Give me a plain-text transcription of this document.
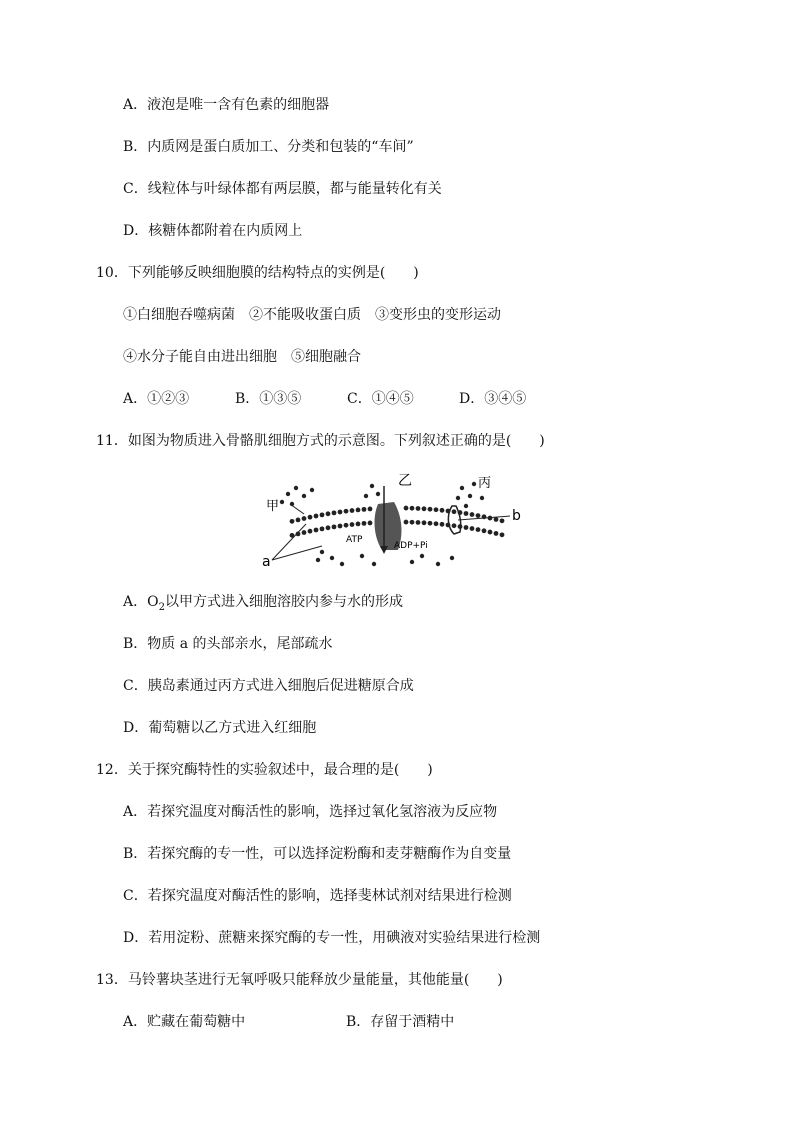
A．液泡是唯一含有色素的细胞器
B．内质网是蛋白质加工、分类和包装的“车间”
C．线粒体与叶绿体都有两层膜，都与能量转化有关
D．核糖体都附着在内质网上
10．下列能够反映细胞膜的结构特点的实例是(　　)
①白细胞吞噬病菌　②不能吸收蛋白质　③变形虫的变形运动
④水分子能自由进出细胞　⑤细胞融合
A．①②③	B．①③⑤	C．①④⑤	D．③④⑤
11．如图为物质进入骨骼肌细胞方式的示意图。下列叙述正确的是(　　)
甲
乙	丙
a
b
ATP
ADP+Pi
A．$O_2$以甲方式进入细胞溶胶内参与水的形成
B．物质 a 的头部亲水，尾部疏水
C．胰岛素通过丙方式进入细胞后促进糖原合成
D．葡萄糖以乙方式进入红细胞
12．关于探究酶特性的实验叙述中，最合理的是(　　)
A．若探究温度对酶活性的影响，选择过氧化氢溶液为反应物
B．若探究酶的专一性，可以选择淀粉酶和麦芽糖酶作为自变量
C．若探究温度对酶活性的影响，选择斐林试剂对结果进行检测
D．若用淀粉、蔗糖来探究酶的专一性，用碘液对实验结果进行检测
13．马铃薯块茎进行无氧呼吸只能释放少量能量，其他能量(　　)
A．贮藏在葡萄糖中	B．存留于酒精中
